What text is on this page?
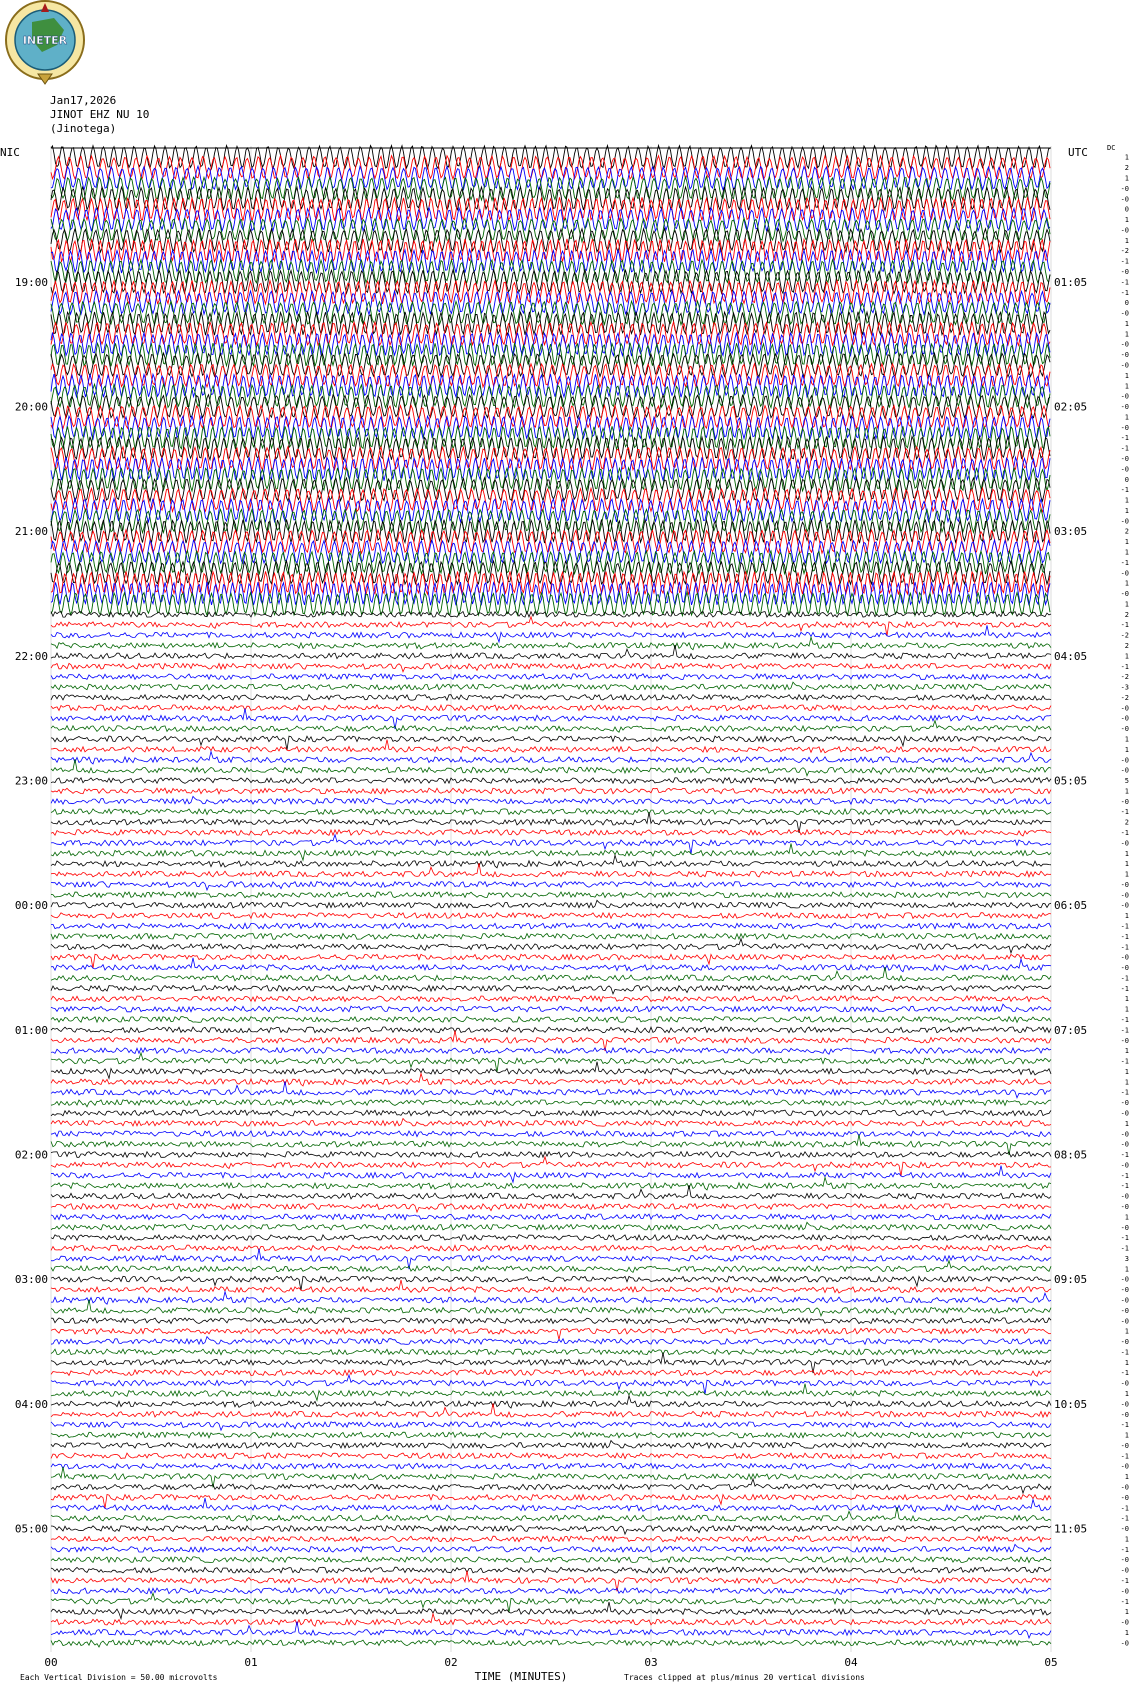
INETER
Jan17,2026
JINOT EHZ NU 10
(Jinotega)
1
2
1
-0
-0
0
1
-0
1
-2
-1
-0
-1
-1
0
-0
1
1
-0
-0
-0
1
1
-0
-0
1
-0
-1
-1
-0
-0
0
-1
1
1
-0
2
1
1
-1
-0
1
-0
1
2
-1
-2
2
1
-1
-2
-3
-2
-0
-0
-0
1
1
-0
-0
5
1
-0
-1
2
-1
-0
1
1
1
-0
-0
-0
1
-1
-1
-1
-0
-0
-1
-1
1
1
-1
-1
-0
1
-1
1
1
-1
-0
-0
1
-0
-0
-1
-0
-1
-1
-0
-0
1
-0
-1
-1
3
1
-0
-0
-0
-0
-0
1
-0
-1
1
-1
-0
1
-0
-0
-1
1
-0
-1
-0
1
-0
-0
-1
-1
-0
1
-1
-0
-0
-1
-0
-1
1
-0
1
-0
NIC	UTC	DC
19:00	01:05
20:00	02:05
21:00	03:05
22:00	04:05
23:00	05:05
00:00	06:05
01:00	07:05
02:00	08:05
03:00	09:05
04:00	10:05
05:00	11:05
00	01	02	03	04	05
TIME (MINUTES)
Each Vertical Division = 50.00 microvolts	Traces clipped at plus/minus 20 vertical divisions
